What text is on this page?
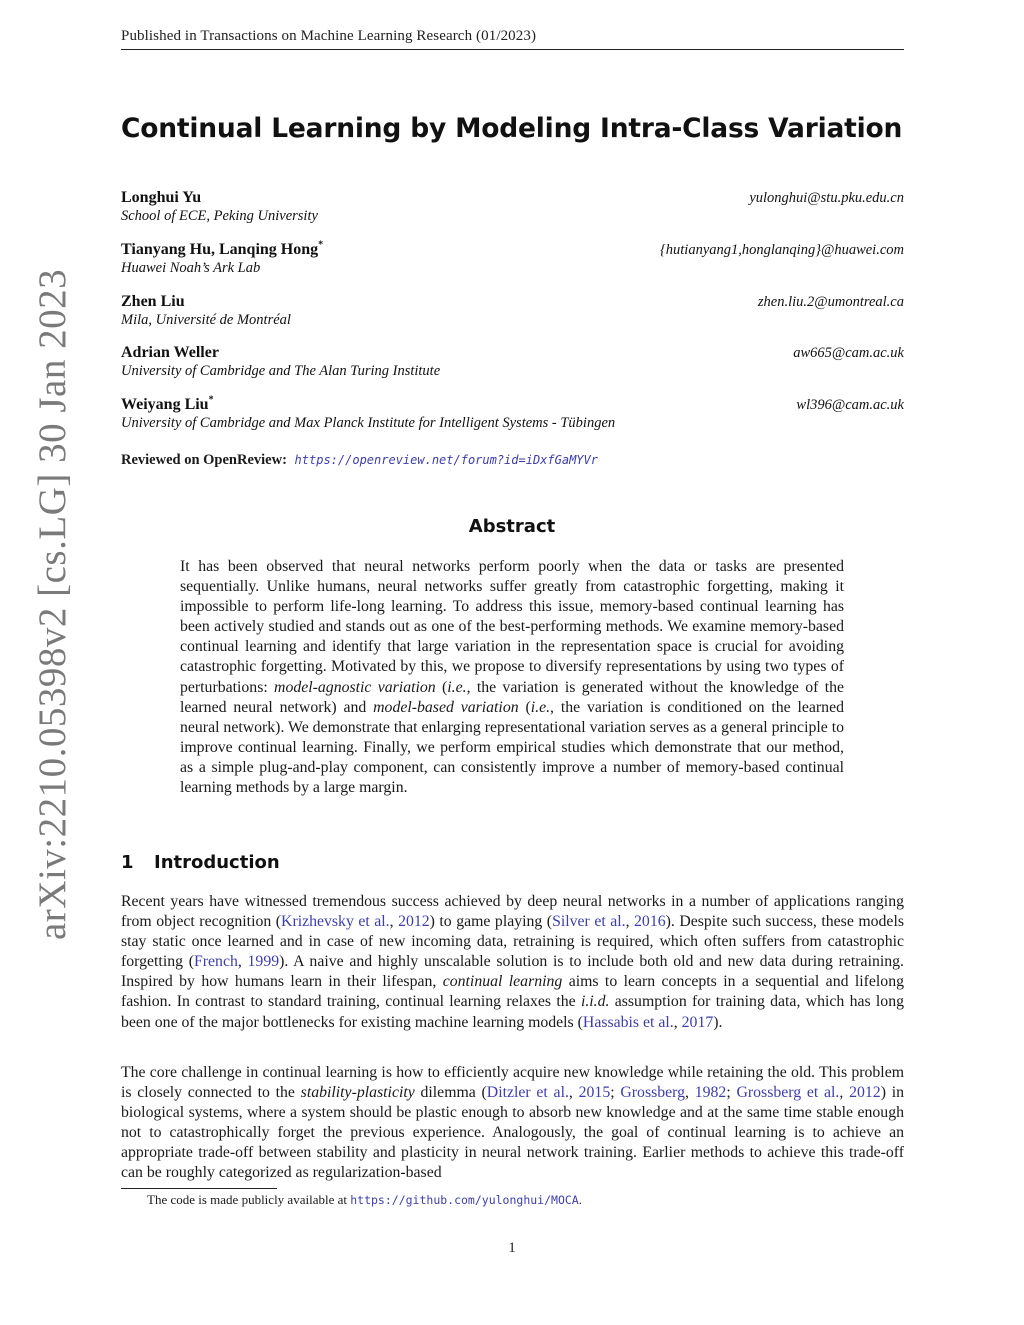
Published in Transactions on Machine Learning Research (01/2023)
arXiv:2210.05398v2 [cs.LG] 30 Jan 2023
Continual Learning by Modeling Intra-Class Variation
Longhui Yu	yulonghui@stu.pku.edu.cn
School of ECE, Peking University
Tianyang Hu, Lanqing Hong*	{hutianyang1,honglanqing}@huawei.com
Huawei Noah’s Ark Lab
Zhen Liu	zhen.liu.2@umontreal.ca
Mila, Université de Montréal
Adrian Weller	aw665@cam.ac.uk
University of Cambridge and The Alan Turing Institute
Weiyang Liu*	wl396@cam.ac.uk
University of Cambridge and Max Planck Institute for Intelligent Systems - Tübingen
Reviewed on OpenReview: https://openreview.net/forum?id=iDxfGaMYVr
Abstract

It has been observed that neural networks perform poorly when the data or tasks are presented sequentially. Unlike humans, neural networks suffer greatly from catastrophic forgetting, making it impossible to perform life-long learning. To address this issue, memory-based continual learning has been actively studied and stands out as one of the best-performing methods. We examine memory-based continual learning and identify that large variation in the representation space is crucial for avoiding catastrophic forgetting. Motivated by this, we propose to diversify representations by using two types of perturbations: model-agnostic variation (i.e., the variation is generated without the knowledge of the learned neural network) and model-based variation (i.e., the variation is conditioned on the learned neural network). We demonstrate that enlarging representational variation serves as a general principle to improve continual learning. Finally, we perform empirical studies which demonstrate that our method, as a simple plug-and-play component, can consistently improve a number of memory-based continual learning methods by a large margin.

1 Introduction

Recent years have witnessed tremendous success achieved by deep neural networks in a number of applications ranging from object recognition (Krizhevsky et al., 2012) to game playing (Silver et al., 2016). Despite such success, these models stay static once learned and in case of new incoming data, retraining is required, which often suffers from catastrophic forgetting (French, 1999). A naive and highly unscalable solution is to include both old and new data during retraining. Inspired by how humans learn in their lifespan, continual learning aims to learn concepts in a sequential and lifelong fashion. In contrast to standard training, continual learning relaxes the i.i.d. assumption for training data, which has long been one of the major bottlenecks for existing machine learning models (Hassabis et al., 2017).

The core challenge in continual learning is how to efficiently acquire new knowledge while retaining the old. This problem is closely connected to the stability-plasticity dilemma (Ditzler et al., 2015; Grossberg, 1982; Grossberg et al., 2012) in biological systems, where a system should be plastic enough to absorb new knowledge and at the same time stable enough not to catastrophically forget the previous experience. Analogously, the goal of continual learning is to achieve an appropriate trade-off between stability and plasticity in neural network training. Earlier methods to achieve this trade-off can be roughly categorized as regularization-based

The code is made publicly available at https://github.com/yulonghui/MOCA.
1
